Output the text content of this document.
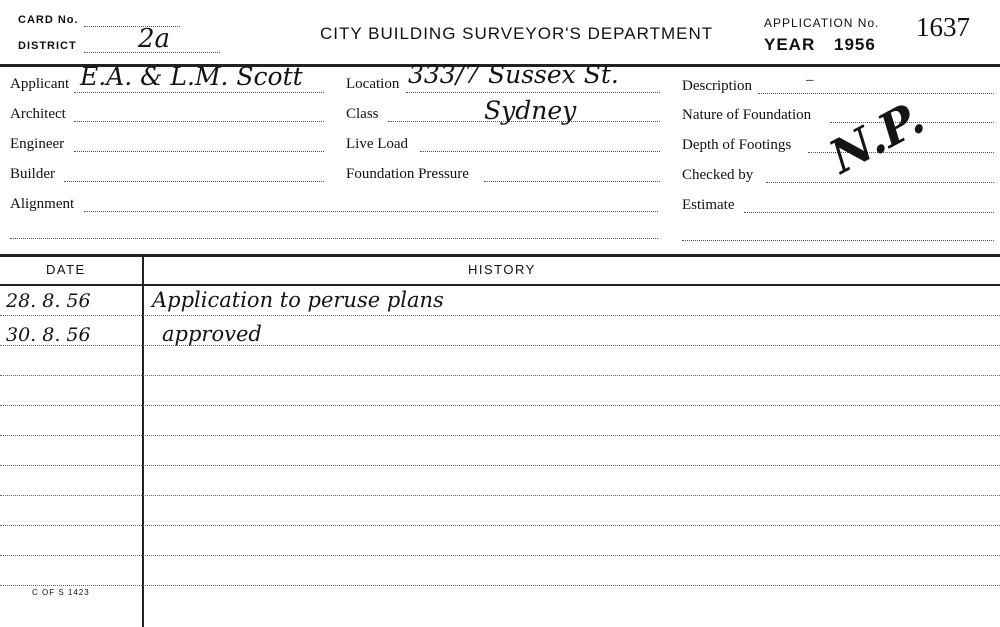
CARD No.
DISTRICT 2a	CITY BUILDING SURVEYOR'S DEPARTMENT
APPLICATION No.
YEAR 1956
1637
Applicant E.A. & L.M. Scott
Architect
Engineer
Builder
Alignment
Location 333/7 Sussex St.
Class	Sydney
Live Load
Foundation Pressure
Description	–
Nature of Foundation
Depth of Footings
Checked by
Estimate
N.P.
DATE	HISTORY
28. 8. 56	Application to peruse plans
30. 8. 56	approved
C OF S 1423
